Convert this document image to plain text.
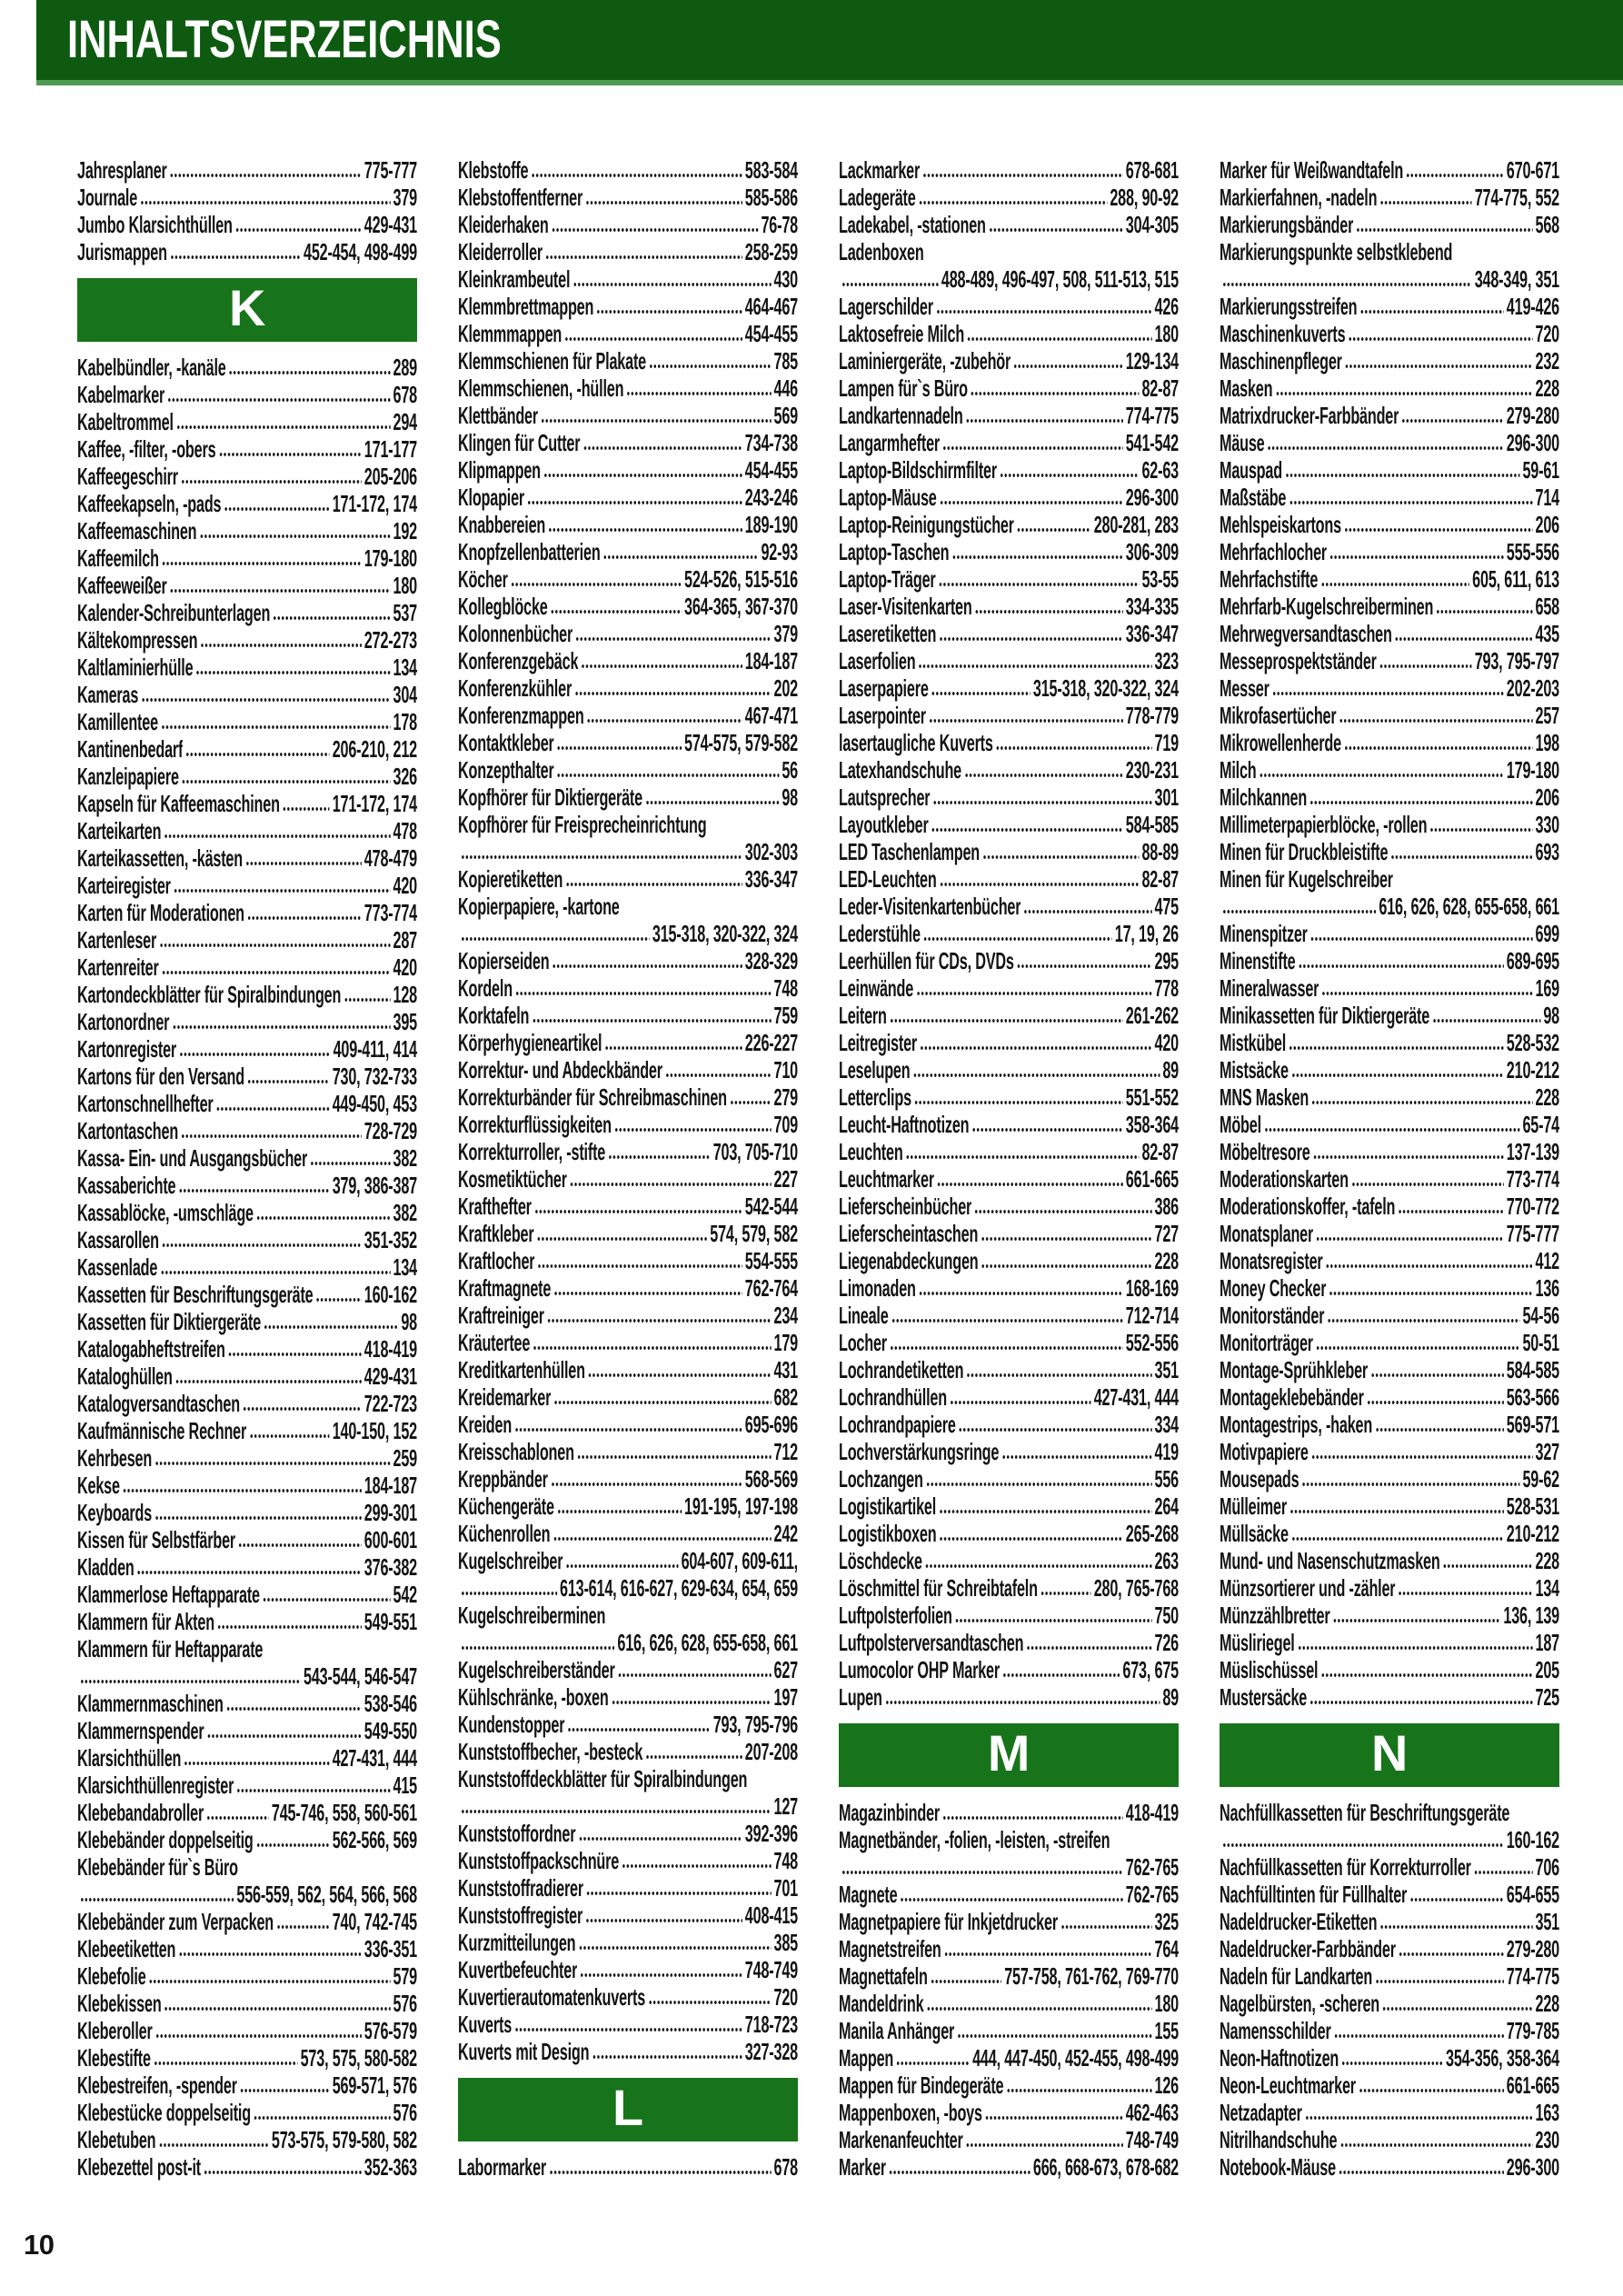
INHALTSVERZEICHNIS
Jahresplaner	775-777
Journale	379
Jumbo Klarsichthüllen	429-431
Jurismappen	452-454, 498-499
K
Kabelbündler, -kanäle	289
Kabelmarker	678
Kabeltrommel	294
Kaffee, -filter, -obers	171-177
Kaffeegeschirr	205-206
Kaffeekapseln, -pads	171-172, 174
Kaffeemaschinen	192
Kaffeemilch	179-180
Kaffeeweißer	180
Kalender-Schreibunterlagen	537
Kältekompressen	272-273
Kaltlaminierhülle	134
Kameras	304
Kamillentee	178
Kantinenbedarf	206-210, 212
Kanzleipapiere	326
Kapseln für Kaffeemaschinen 171-172, 174
Karteikarten	478
Karteikassetten, -kästen	478-479
Karteiregister	420
Karten für Moderationen	773-774
Kartenleser	287
Kartenreiter	420
Kartondeckblätter für Spiralbindungen 128
Kartonordner	395
Kartonregister	409-411, 414
Kartons für den Versand	730, 732-733
Kartonschnellhefter	449-450, 453
Kartontaschen	728-729
Kassa- Ein- und Ausgangsbücher	382
Kassaberichte	379, 386-387
Kassablöcke, -umschläge	382
Kassarollen	351-352
Kassenlade	134
Kassetten für Beschriftungsgeräte 160-162
Kassetten für Diktiergeräte	98
Katalogabheftstreifen	418-419
Kataloghüllen	429-431
Katalogversandtaschen	722-723
Kaufmännische Rechner	140-150, 152
Kehrbesen	259
Kekse	184-187
Keyboards	299-301
Kissen für Selbstfärber	600-601
Kladden	376-382
Klammerlose Heftapparate	542
Klammern für Akten	549-551
Klammern für Heftapparate
543-544, 546-547
Klammernmaschinen	538-546
Klammernspender	549-550
Klarsichthüllen	427-431, 444
Klarsichthüllenregister	415
Klebebandabroller	745-746, 558, 560-561
Klebebänder doppelseitig	562-566, 569
Klebebänder für`s Büro
556-559, 562, 564, 566, 568
Klebebänder zum Verpacken 740, 742-745
Klebeetiketten	336-351
Klebefolie	579
Klebekissen	576
Kleberoller	576-579
Klebestifte	573, 575, 580-582
Klebestreifen, -spender	569-571, 576
Klebestücke doppelseitig	576
Klebetuben	573-575, 579-580, 582
Klebezettel post-it	352-363
Klebstoffe	583-584
Klebstoffentferner	585-586
Kleiderhaken	76-78
Kleiderroller	258-259
Kleinkrambeutel	430
Klemmbrettmappen	464-467
Klemmmappen	454-455
Klemmschienen für Plakate	785
Klemmschienen, -hüllen	446
Klettbänder	569
Klingen für Cutter	734-738
Klipmappen	454-455
Klopapier	243-246
Knabbereien	189-190
Knopfzellenbatterien	92-93
Köcher	524-526, 515-516
Kollegblöcke	364-365, 367-370
Kolonnenbücher	379
Konferenzgebäck	184-187
Konferenzkühler	202
Konferenzmappen	467-471
Kontaktkleber	574-575, 579-582
Konzepthalter	56
Kopfhörer für Diktiergeräte	98
Kopfhörer für Freisprecheinrichtung
302-303
Kopieretiketten	336-347
Kopierpapiere, -kartone
315-318, 320-322, 324
Kopierseiden	328-329
Kordeln	748
Korktafeln	759
Körperhygieneartikel	226-227
Korrektur- und Abdeckbänder	710
Korrekturbänder für Schreibmaschinen 279
Korrekturflüssigkeiten	709
Korrekturroller, -stifte	703, 705-710
Kosmetiktücher	227
Krafthefter	542-544
Kraftkleber	574, 579, 582
Kraftlocher	554-555
Kraftmagnete	762-764
Kraftreiniger	234
Kräutertee	179
Kreditkartenhüllen	431
Kreidemarker	682
Kreiden	695-696
Kreisschablonen	712
Kreppbänder	568-569
Küchengeräte	191-195, 197-198
Küchenrollen	242
Kugelschreiber	604-607, 609-611,
613-614, 616-627, 629-634, 654, 659
Kugelschreiberminen
616, 626, 628, 655-658, 661
Kugelschreiberständer	627
Kühlschränke, -boxen	197
Kundenstopper	793, 795-796
Kunststoffbecher, -besteck	207-208
Kunststoffdeckblätter für Spiralbindungen
127
Kunststoffordner	392-396
Kunststoffpackschnüre	748
Kunststoffradierer	701
Kunststoffregister	408-415
Kurzmitteilungen	385
Kuvertbefeuchter	748-749
Kuvertierautomatenkuverts	720
Kuverts	718-723
Kuverts mit Design	327-328
L
Labormarker	678
Lackmarker	678-681
Ladegeräte	288, 90-92
Ladekabel, -stationen	304-305
Ladenboxen
488-489, 496-497, 508, 511-513, 515
Lagerschilder	426
Laktosefreie Milch	180
Laminiergeräte, -zubehör	129-134
Lampen für`s Büro	82-87
Landkartennadeln	774-775
Langarmhefter	541-542
Laptop-Bildschirmfilter	62-63
Laptop-Mäuse	296-300
Laptop-Reinigungstücher	280-281, 283
Laptop-Taschen	306-309
Laptop-Träger	53-55
Laser-Visitenkarten	334-335
Laseretiketten	336-347
Laserfolien	323
Laserpapiere	315-318, 320-322, 324
Laserpointer	778-779
lasertaugliche Kuverts	719
Latexhandschuhe	230-231
Lautsprecher	301
Layoutkleber	584-585
LED Taschenlampen	88-89
LED-Leuchten	82-87
Leder-Visitenkartenbücher	475
Lederstühle	17, 19, 26
Leerhüllen für CDs, DVDs	295
Leinwände	778
Leitern	261-262
Leitregister	420
Leselupen	89
Letterclips	551-552
Leucht-Haftnotizen	358-364
Leuchten	82-87
Leuchtmarker	661-665
Lieferscheinbücher	386
Lieferscheintaschen	727
Liegenabdeckungen	228
Limonaden	168-169
Lineale	712-714
Locher	552-556
Lochrandetiketten	351
Lochrandhüllen	427-431, 444
Lochrandpapiere	334
Lochverstärkungsringe	419
Lochzangen	556
Logistikartikel	264
Logistikboxen	265-268
Löschdecke	263
Löschmittel für Schreibtafeln 280, 765-768
Luftpolsterfolien	750
Luftpolsterversandtaschen	726
Lumocolor OHP Marker	673, 675
Lupen	89
M
Magazinbinder	418-419
Magnetbänder, -folien, -leisten, -streifen
762-765
Magnete	762-765
Magnetpapiere für Inkjetdrucker	325
Magnetstreifen	764
Magnettafeln	757-758, 761-762, 769-770
Mandeldrink	180
Manila Anhänger	155
Mappen	444, 447-450, 452-455, 498-499
Mappen für Bindegeräte	126
Mappenboxen, -boys	462-463
Markenanfeuchter	748-749
Marker	666, 668-673, 678-682
Marker für Weißwandtafeln	670-671
Markierfahnen, -nadeln	774-775, 552
Markierungsbänder	568
Markierungspunkte selbstklebend
348-349, 351
Markierungsstreifen	419-426
Maschinenkuverts	720
Maschinenpfleger	232
Masken	228
Matrixdrucker-Farbbänder	279-280
Mäuse	296-300
Mauspad	59-61
Maßstäbe	714
Mehlspeiskartons	206
Mehrfachlocher	555-556
Mehrfachstifte	605, 611, 613
Mehrfarb-Kugelschreiberminen	658
Mehrwegversandtaschen	435
Messeprospektständer	793, 795-797
Messer	202-203
Mikrofasertücher	257
Mikrowellenherde	198
Milch	179-180
Milchkannen	206
Millimeterpapierblöcke, -rollen	330
Minen für Druckbleistifte	693
Minen für Kugelschreiber
616, 626, 628, 655-658, 661
Minenspitzer	699
Minenstifte	689-695
Mineralwasser	169
Minikassetten für Diktiergeräte	98
Mistkübel	528-532
Mistsäcke	210-212
MNS Masken	228
Möbel	65-74
Möbeltresore	137-139
Moderationskarten	773-774
Moderationskoffer, -tafeln	770-772
Monatsplaner	775-777
Monatsregister	412
Money Checker	136
Monitorständer	54-56
Monitorträger	50-51
Montage-Sprühkleber	584-585
Montageklebebänder	563-566
Montagestrips, -haken	569-571
Motivpapiere	327
Mousepads	59-62
Mülleimer	528-531
Müllsäcke	210-212
Mund- und Nasenschutzmasken	228
Münzsortierer und -zähler	134
Münzzählbretter	136, 139
Müsliriegel	187
Müslischüssel	205
Mustersäcke	725
N
Nachfüllkassetten für Beschriftungsgeräte
160-162
Nachfüllkassetten für Korrekturroller	706
Nachfülltinten für Füllhalter	654-655
Nadeldrucker-Etiketten	351
Nadeldrucker-Farbbänder	279-280
Nadeln für Landkarten	774-775
Nagelbürsten, -scheren	228
Namensschilder	779-785
Neon-Haftnotizen	354-356, 358-364
Neon-Leuchtmarker	661-665
Netzadapter	163
Nitrilhandschuhe	230
Notebook-Mäuse	296-300
10
